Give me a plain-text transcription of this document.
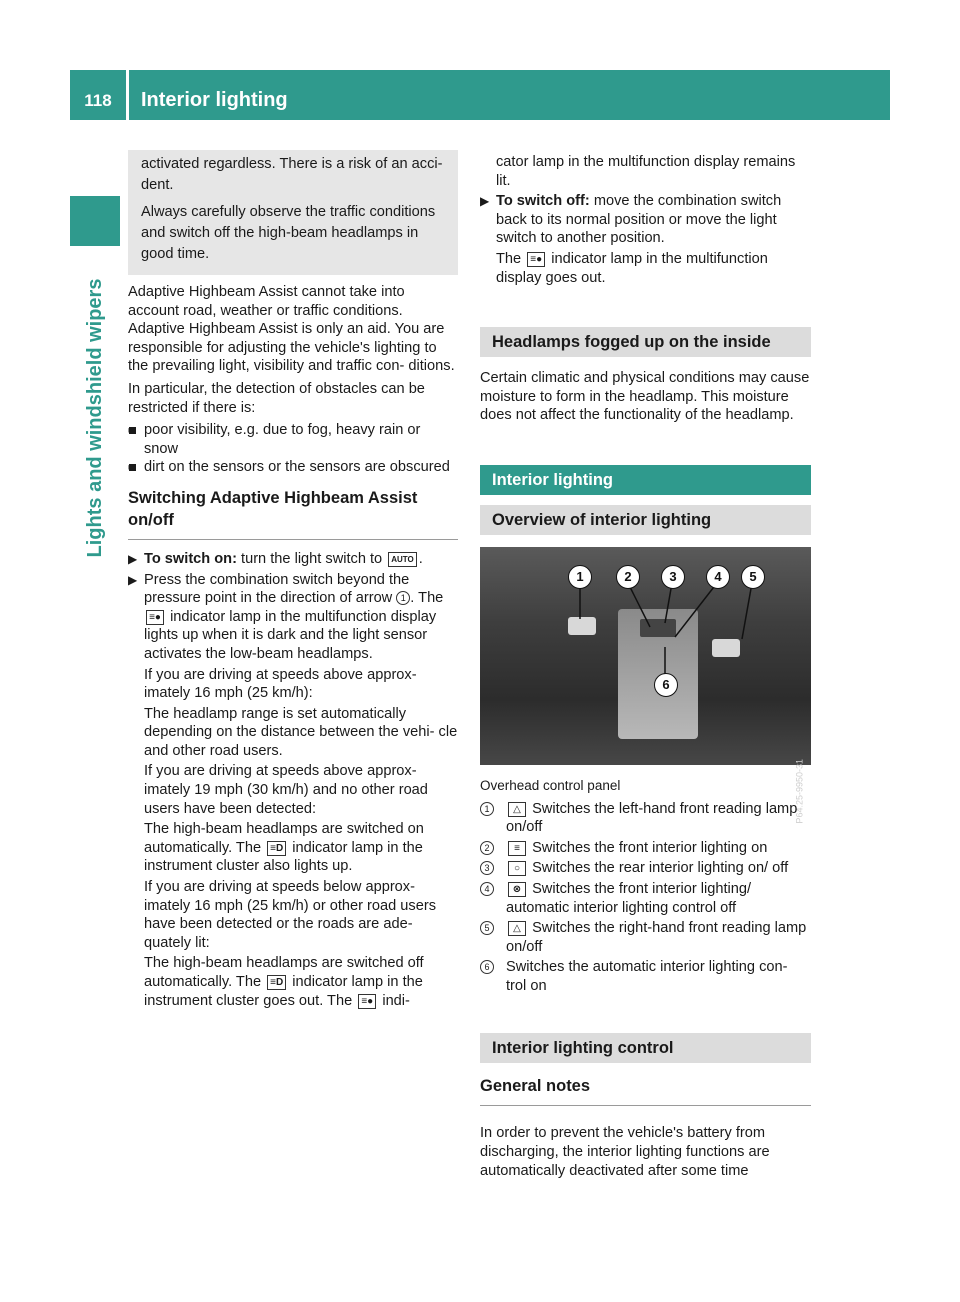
118	Interior lighting
Lights and windshield wipers

activated regardless. There is a risk of an acci- dent.

Always carefully observe the traffic conditions and switch off the high-beam headlamps in good time.

Adaptive Highbeam Assist cannot take into account road, weather or traffic conditions.

Adaptive Highbeam Assist is only an aid. You are responsible for adjusting the vehicle's lighting to the prevailing light, visibility and traffic con- ditions.

In particular, the detection of obstacles can be restricted if there is:

■ poor visibility, e.g. due to fog, heavy rain or snow
■ dirt on the sensors or the sensors are obscured
Switching Adaptive Highbeam Assist on/off
▶ To switch on: turn the light switch to AUTO .
▶ Press the combination switch beyond the pressure point in the direction of arrow 1 . The ≡● indicator lamp in the multifunction display lights up when it is dark and the light sensor activates the low-beam headlamps.

If you are driving at speeds above approx- imately 16 mph (25 km/h):

The headlamp range is set automatically depending on the distance between the vehi- cle and other road users.

If you are driving at speeds above approx- imately 19 mph (30 km/h) and no other road users have been detected:

The high-beam headlamps are switched on automatically. The ≡D indicator lamp in the instrument cluster also lights up.

If you are driving at speeds below approx- imately 16 mph (25 km/h) or other road users have been detected or the roads are ade- quately lit:

The high-beam headlamps are switched off automatically. The ≡D indicator lamp in the instrument cluster goes out. The ≡● indi-

cator lamp in the multifunction display remains lit.

▶ To switch off: move the combination switch back to its normal position or move the light switch to another position.

The ≡● indicator lamp in the multifunction display goes out.

Headlamps fogged up on the inside

Certain climatic and physical conditions may cause moisture to form in the headlamp. This moisture does not affect the functionality of the headlamp.

Interior lighting
Overview of interior lighting
1	2	3	4	5
6
P64.25-9950-31

Overhead control panel

1	△ Switches the left-hand front reading lamp on/off
2	≡ Switches the front interior lighting on
3	○ Switches the rear interior lighting on/ off
4	⊗ Switches the front interior lighting/ automatic interior lighting control off
5	△ Switches the right-hand front reading lamp on/off
6	Switches the automatic interior lighting con- trol on
Interior lighting control
General notes

In order to prevent the vehicle's battery from discharging, the interior lighting functions are automatically deactivated after some time
